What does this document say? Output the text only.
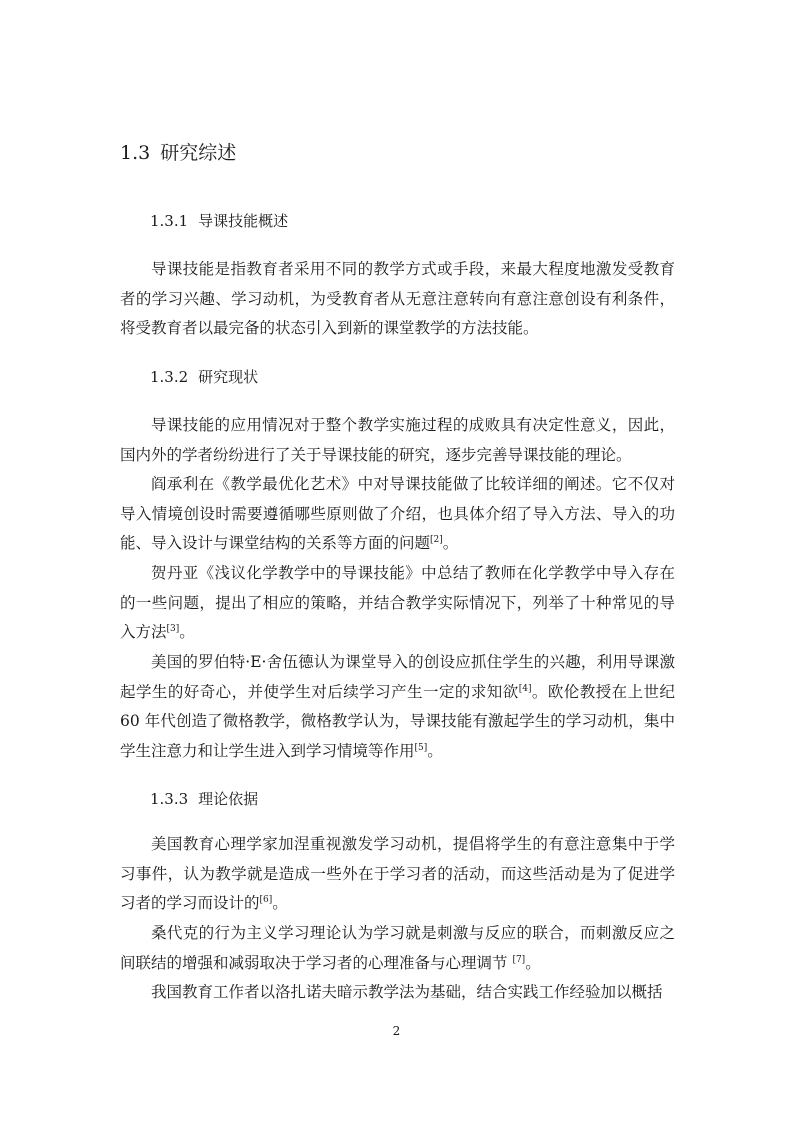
1.3 研究综述
1.3.1 导课技能概述

导课技能是指教育者采用不同的教学方式或手段，来最大程度地激发受教育者的学习兴趣、学习动机，为受教育者从无意注意转向有意注意创设有利条件，将受教育者以最完备的状态引入到新的课堂教学的方法技能。

1.3.2 研究现状

导课技能的应用情况对于整个教学实施过程的成败具有决定性意义，因此，国内外的学者纷纷进行了关于导课技能的研究，逐步完善导课技能的理论。

阎承利在《教学最优化艺术》中对导课技能做了比较详细的阐述。它不仅对导入情境创设时需要遵循哪些原则做了介绍，也具体介绍了导入方法、导入的功能、导入设计与课堂结构的关系等方面的问题[2]。

贺丹亚《浅议化学教学中的导课技能》中总结了教师在化学教学中导入存在的一些问题，提出了相应的策略，并结合教学实际情况下，列举了十种常见的导入方法[3]。

美国的罗伯特·E·舍伍德认为课堂导入的创设应抓住学生的兴趣，利用导课激起学生的好奇心，并使学生对后续学习产生一定的求知欲[4]。欧伦教授在上世纪 60 年代创造了微格教学，微格教学认为，导课技能有激起学生的学习动机，集中学生注意力和让学生进入到学习情境等作用[5]。

1.3.3 理论依据

美国教育心理学家加涅重视激发学习动机，提倡将学生的有意注意集中于学习事件，认为教学就是造成一些外在于学习者的活动，而这些活动是为了促进学习者的学习而设计的[6]。

桑代克的行为主义学习理论认为学习就是刺激与反应的联合，而刺激反应之间联结的增强和减弱取决于学习者的心理准备与心理调节 [7]。

我国教育工作者以洛扎诺夫暗示教学法为基础，结合实践工作经验加以概括

2
